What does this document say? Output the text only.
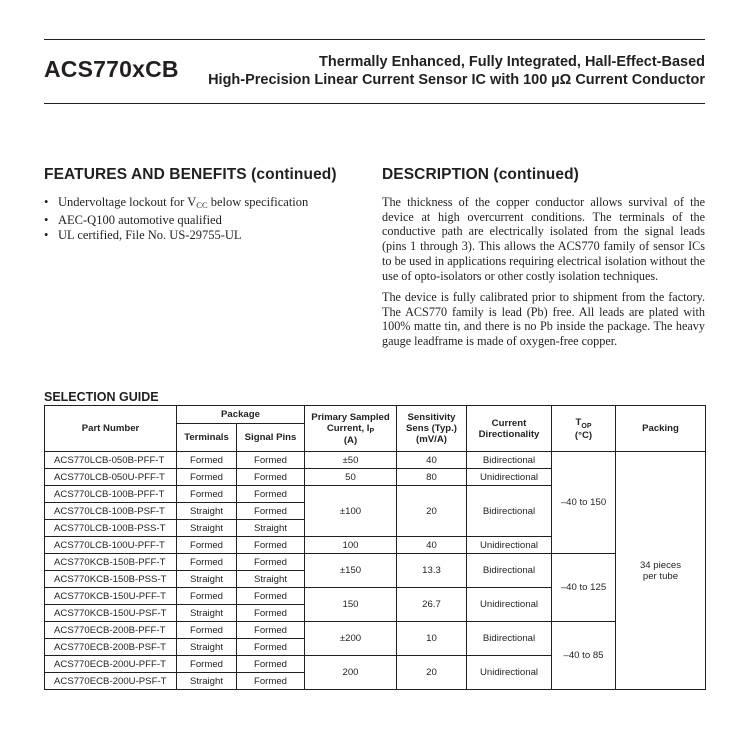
ACS770xCB	Thermally Enhanced, Fully Integrated, Hall-Effect-Based
High-Precision Linear Current Sensor IC with 100 µΩ Current Conductor
FEATURES AND BENEFITS (continued)
• Undervoltage lockout for $V_{CC}$ below specification
• AEC-Q100 automotive qualified
• UL certified, File No. US-29755-UL
DESCRIPTION (continued)

The thickness of the copper conductor allows survival of the device at high overcurrent conditions. The terminals of the conductive path are electrically isolated from the signal leads (pins 1 through 3). This allows the ACS770 family of sensor ICs to be used in applications requiring electrical isolation without the use of opto-isolators or other costly isolation techniques.

The device is fully calibrated prior to shipment from the factory. The ACS770 family is lead (Pb) free. All leads are plated with 100% matte tin, and there is no Pb inside the package. The heavy gauge leadframe is made of oxygen-free copper.

SELECTION GUIDE
Part Number	Package		Primary Sampled
Current, $I_P$
(A)	Sensitivity
Sens (Typ.)
(mV/A)	Current
Directionality	$T_{OP}$
(°C)	Packing
	Terminals	Signal Pins					
ACS770LCB-050B-PFF-T	Formed	Formed	±50	40	Bidirectional	–40 to 150	34 pieces
per tube
ACS770LCB-050U-PFF-T	Formed	Formed	50	80	Unidirectional		
ACS770LCB-100B-PFF-T	Formed	Formed	±100	20	Bidirectional		
ACS770LCB-100B-PSF-T	Straight	Formed					
ACS770LCB-100B-PSS-T	Straight	Straight					
ACS770LCB-100U-PFF-T	Formed	Formed	100	40	Unidirectional		
ACS770KCB-150B-PFF-T	Formed	Formed	±150	13.3	Bidirectional	–40 to 125	
ACS770KCB-150B-PSS-T	Straight	Straight					
ACS770KCB-150U-PFF-T	Formed	Formed	150	26.7	Unidirectional		
ACS770KCB-150U-PSF-T	Straight	Formed					
ACS770ECB-200B-PFF-T	Formed	Formed	±200	10	Bidirectional	–40 to 85	
ACS770ECB-200B-PSF-T	Straight	Formed					
ACS770ECB-200U-PFF-T	Formed	Formed	200	20	Unidirectional		
ACS770ECB-200U-PSF-T	Straight	Formed					
